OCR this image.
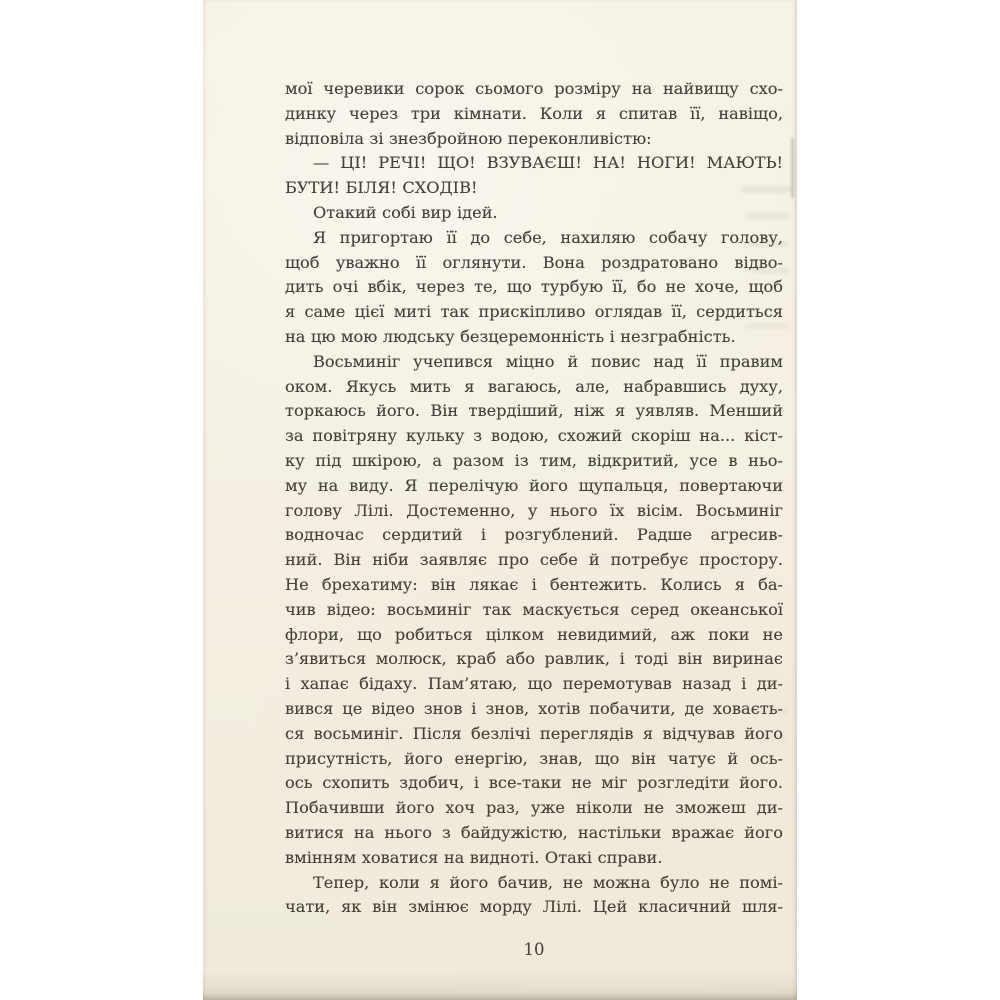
мої черевики сорок сьомого розміру на найвищу схо-
динку через три кімнати. Коли я спитав її, навіщо,
відповіла зі знезбройною переконливістю:
— ЦІ! РЕЧІ! ЩО! ВЗУВАЄШ! НА! НОГИ! МАЮТЬ!
БУТИ! БІЛЯ! СХОДІВ!
Отакий собі вир ідей.
Я пригортаю її до себе, нахиляю собачу голову,
щоб уважно її оглянути. Вона роздратовано відво-
дить очі вбік, через те, що турбую її, бо не хоче, щоб
я саме цієї миті так прискіпливо оглядав її, сердиться
на цю мою людську безцеремонність і незграбність.
Восьминіг учепився міцно й повис над її правим
оком. Якусь мить я вагаюсь, але, набравшись духу,
торкаюсь його. Він твердіший, ніж я уявляв. Менший
за повітряну кульку з водою, схожий скоріш на... кіст-
ку під шкірою, а разом із тим, відкритий, усе в ньо-
му на виду. Я перелічую його щупальця, повертаючи
голову Лілі. Достеменно, у нього їх вісім. Восьминіг
водночас сердитий і розгублений. Радше агресив-
ний. Він ніби заявляє про себе й потребує простору.
Не брехатиму: він лякає і бентежить. Колись я ба-
чив відео: восьминіг так маскується серед океанської
флори, що робиться цілком невидимий, аж поки не
з’явиться молюск, краб або равлик, і тоді він виринає
і хапає бідаху. Пам’ятаю, що перемотував назад і ди-
вився це відео знов і знов, хотів побачити, де ховаєть-
ся восьминіг. Після безлічі переглядів я відчував його
присутність, його енергію, знав, що він чатує й ось-
ось схопить здобич, і все-таки не міг розгледіти його.
Побачивши його хоч раз, уже ніколи не зможеш ди-
витися на нього з байдужістю, настільки вражає його
вмінням ховатися на видноті. Отакі справи.
Тепер, коли я його бачив, не можна було не помі-
чати, як він змінює морду Лілі. Цей класичний шля-
10
